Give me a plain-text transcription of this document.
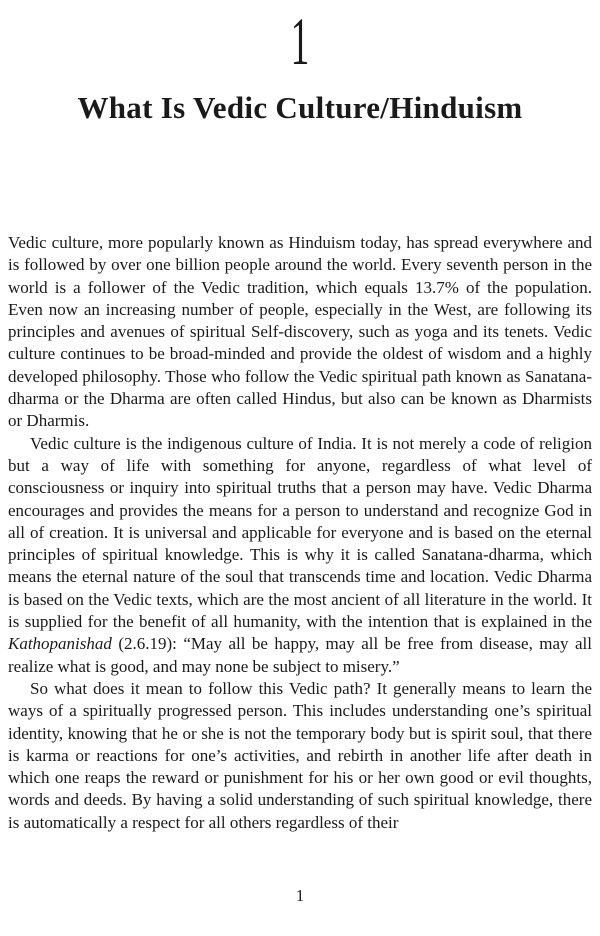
1
What Is Vedic Culture/Hinduism

Vedic culture, more popularly known as Hinduism today, has spread everywhere and is followed by over one billion people around the world. Every seventh person in the world is a follower of the Vedic tradition, which equals 13.7% of the population. Even now an increasing number of people, especially in the West, are following its principles and avenues of spiritual Self-discovery, such as yoga and its tenets. Vedic culture continues to be broad-minded and provide the oldest of wisdom and a highly developed philosophy. Those who follow the Vedic spiritual path known as Sanatana-dharma or the Dharma are often called Hindus, but also can be known as Dharmists or Dharmis.

Vedic culture is the indigenous culture of India. It is not merely a code of religion but a way of life with something for anyone, regardless of what level of consciousness or inquiry into spiritual truths that a person may have. Vedic Dharma encourages and provides the means for a person to understand and recognize God in all of creation. It is universal and applicable for everyone and is based on the eternal principles of spiritual knowledge. This is why it is called Sanatana-dharma, which means the eternal nature of the soul that transcends time and location. Vedic Dharma is based on the Vedic texts, which are the most ancient of all literature in the world. It is supplied for the benefit of all humanity, with the intention that is explained in the Kathopanishad (2.6.19): “May all be happy, may all be free from disease, may all realize what is good, and may none be subject to misery.”

So what does it mean to follow this Vedic path? It generally means to learn the ways of a spiritually progressed person. This includes understanding one’s spiritual identity, knowing that he or she is not the temporary body but is spirit soul, that there is karma or reactions for one’s activities, and rebirth in another life after death in which one reaps the reward or punishment for his or her own good or evil thoughts, words and deeds. By having a solid understanding of such spiritual knowledge, there is automatically a respect for all others regardless of their

1
